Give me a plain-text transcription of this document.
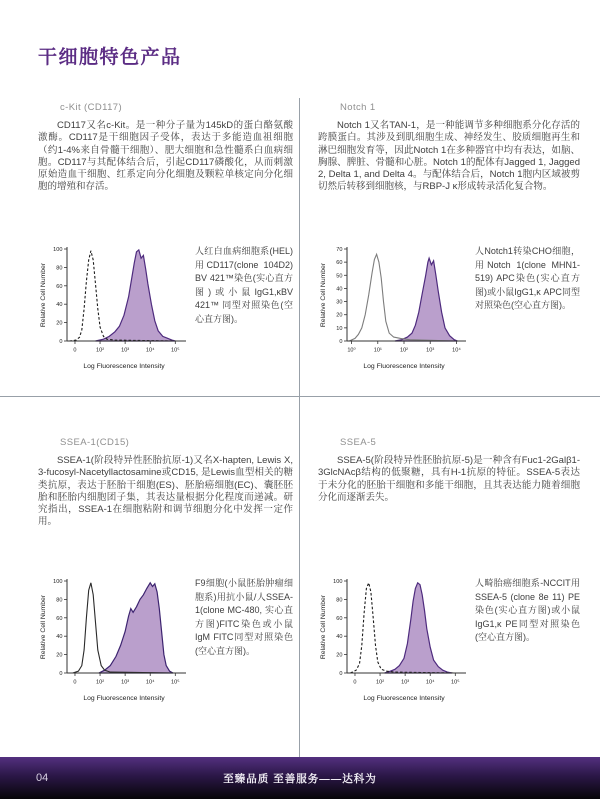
干细胞特色产品
c-Kit (CD117)

CD117又名c-Kit。是一种分子量为145kD的蛋白酪氨酸激酶。CD117是干细胞因子受体，表达于多能造血祖细胞（约1-4%来自骨髓干细胞）、肥大细胞和急性髓系白血病细胞。CD117与其配体结合后，引起CD117磷酸化，从而刺激原始造血干细胞、红系定向分化细胞及颗粒单核定向分化细胞的增殖和存活。

0
20
40
60
80
100
0	10²	10³	10⁴	10⁵
Log Fluorescence Intensity
Relative Cell Number
人红白血病细胞系(HEL)用CD117(clone 104D2) BV 421™染色(实心直方图)或小鼠IgG1,κBV 421™ 同型对照染色(空心直方图)。
Notch 1

Notch 1又名TAN-1，是一种能调节多种细胞系分化存活的跨膜蛋白。其涉及到肌细胞生成、神经发生、胶质细胞再生和淋巴细胞发育等，因此Notch 1在多种器官中均有表达，如脑、胸腺、脾脏、骨髓和心脏。Notch 1的配体有Jagged 1, Jagged 2, Delta 1, and Delta 4。与配体结合后，Notch 1胞内区域被剪切然后转移到细胞核，与RBP-J κ形成转录活化复合物。

0
10
20
30
40
50
60
70
10⁰	10¹	10²	10³	10⁴
Log Fluorescence Intensity
Relative Cell Number
人Notch1转染CHO细胞，用Notch 1(clone MHN1-519) APC染色(实心直方图)或小鼠IgG1,κ APC同型对照染色(空心直方图)。
SSEA-1(CD15)

SSEA-1(阶段特异性胚胎抗原-1)又名X-hapten, Lewis X, 3-fucosyl-Nacetyllactosamine或CD15, 是Lewis血型相关的糖类抗原，表达于胚胎干细胞(ES)、胚胎癌细胞(EC)、囊胚胚胎和胚胎内细胞团子集，其表达量根据分化程度而递减。研究指出，SSEA-1在细胞粘附和调节细胞分化中发挥一定作用。

0
20
40
60
80
100
0	10²	10³	10⁴	10⁵
Log Fluorescence Intensity
Relative Cell Number
F9细胞(小鼠胚胎肿瘤细胞系)用抗小鼠/人SSEA-1(clone MC-480, 实心直方图)FITC染色或小鼠IgM FITC同型对照染色(空心直方图)。
SSEA-5

SSEA-5(阶段特异性胚胎抗原-5)是一种含有Fuc1-2Galβ1-3GlcNAcβ结构的低聚糖，具有H-1抗原的特征。SSEA-5表达于未分化的胚胎干细胞和多能干细胞，且其表达能力随着细胞分化而逐渐丢失。

0
20
40
60
80
100
0	10²	10³	10⁴	10⁵
Log Fluorescence Intensity
Relative Cell Number
人畸胎癌细胞系-NCCIT用SSEA-5 (clone 8e 11) PE染色(实心直方图)或小鼠IgG1,κ PE同型对照染色(空心直方图)。
04	至臻品质 至善服务——达科为
